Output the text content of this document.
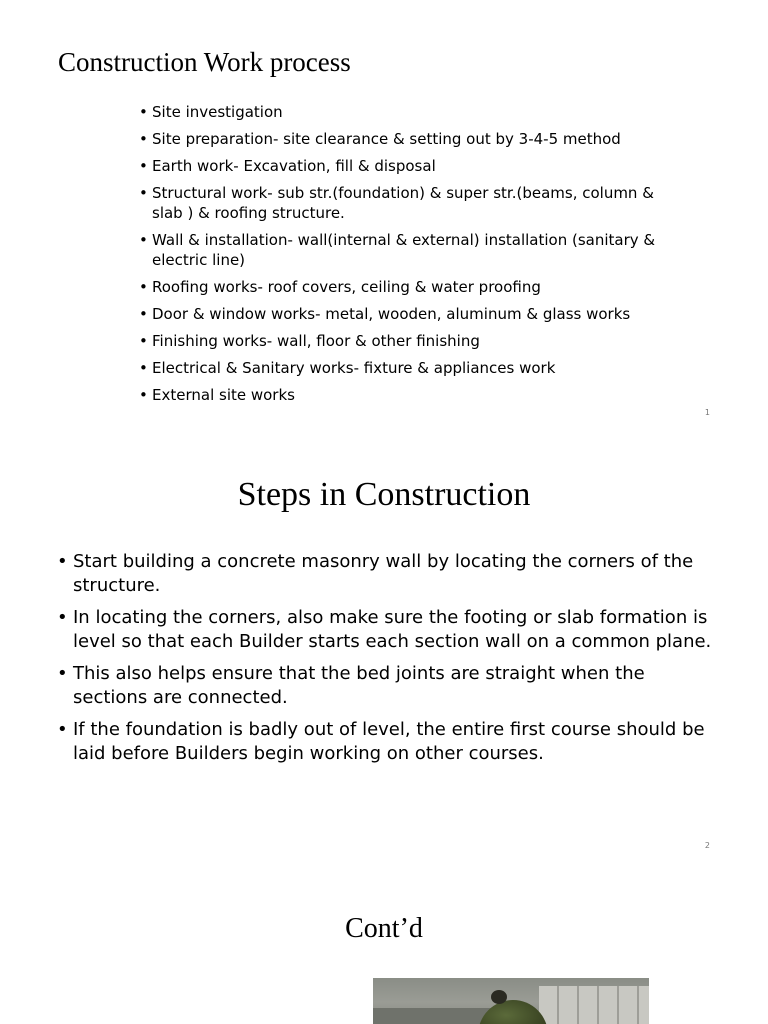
Construction Work process
• Site investigation
• Site preparation- site clearance & setting out by 3-4-5 method
• Earth work- Excavation, fill & disposal
• Structural work- sub str.(foundation) & super str.(beams, column & slab ) & roofing structure.
• Wall & installation- wall(internal & external) installation (sanitary & electric line)
• Roofing works- roof covers, ceiling & water proofing
• Door & window works- metal, wooden, aluminum & glass works
• Finishing works- wall, floor & other finishing
• Electrical & Sanitary works- fixture & appliances work
• External site works
1
Steps in Construction
• Start building a concrete masonry wall by locating the corners of the structure.
• In locating the corners, also make sure the footing or slab formation is level so that each Builder starts each section wall on a common plane.
• This also helps ensure that the bed joints are straight when the sections are connected.
• If the foundation is badly out of level, the entire first course should be laid before Builders begin working on other courses.
2
Cont’d
